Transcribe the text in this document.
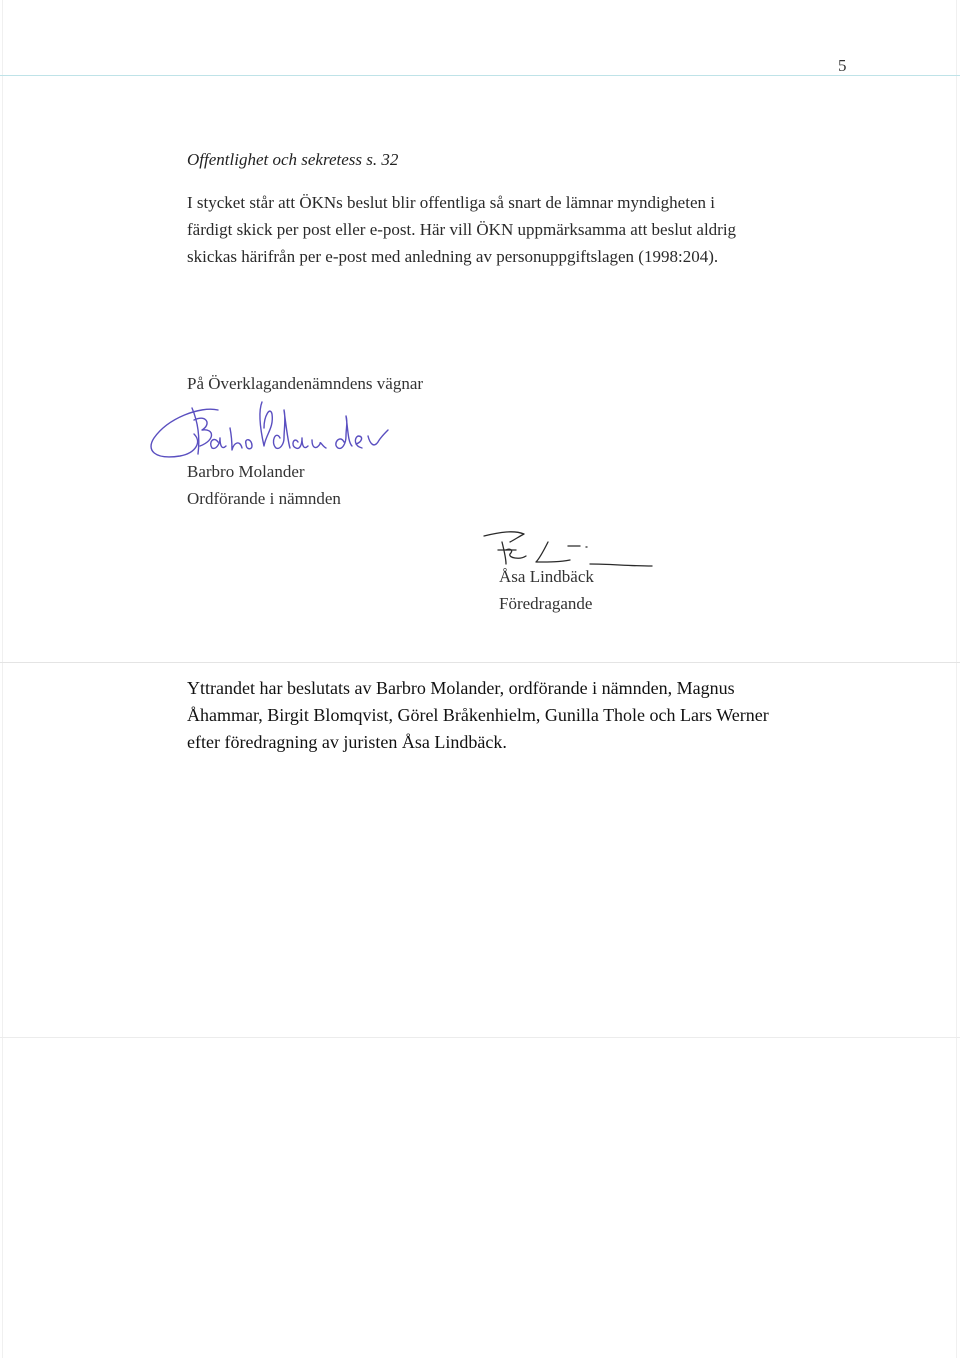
5
Offentlighet och sekretess s. 32
I stycket står att ÖKNs beslut blir offentliga så snart de lämnar myndigheten i
färdigt skick per post eller e-post. Här vill ÖKN uppmärksamma att beslut aldrig
skickas härifrån per e-post med anledning av personuppgiftslagen (1998:204).
På Överklagandenämndens vägnar
Barbro Molander
Ordförande i nämnden
Åsa Lindbäck
Föredragande
Yttrandet har beslutats av Barbro Molander, ordförande i nämnden, Magnus
Åhammar, Birgit Blomqvist, Görel Bråkenhielm, Gunilla Thole och Lars Werner
efter föredragning av juristen Åsa Lindbäck.
